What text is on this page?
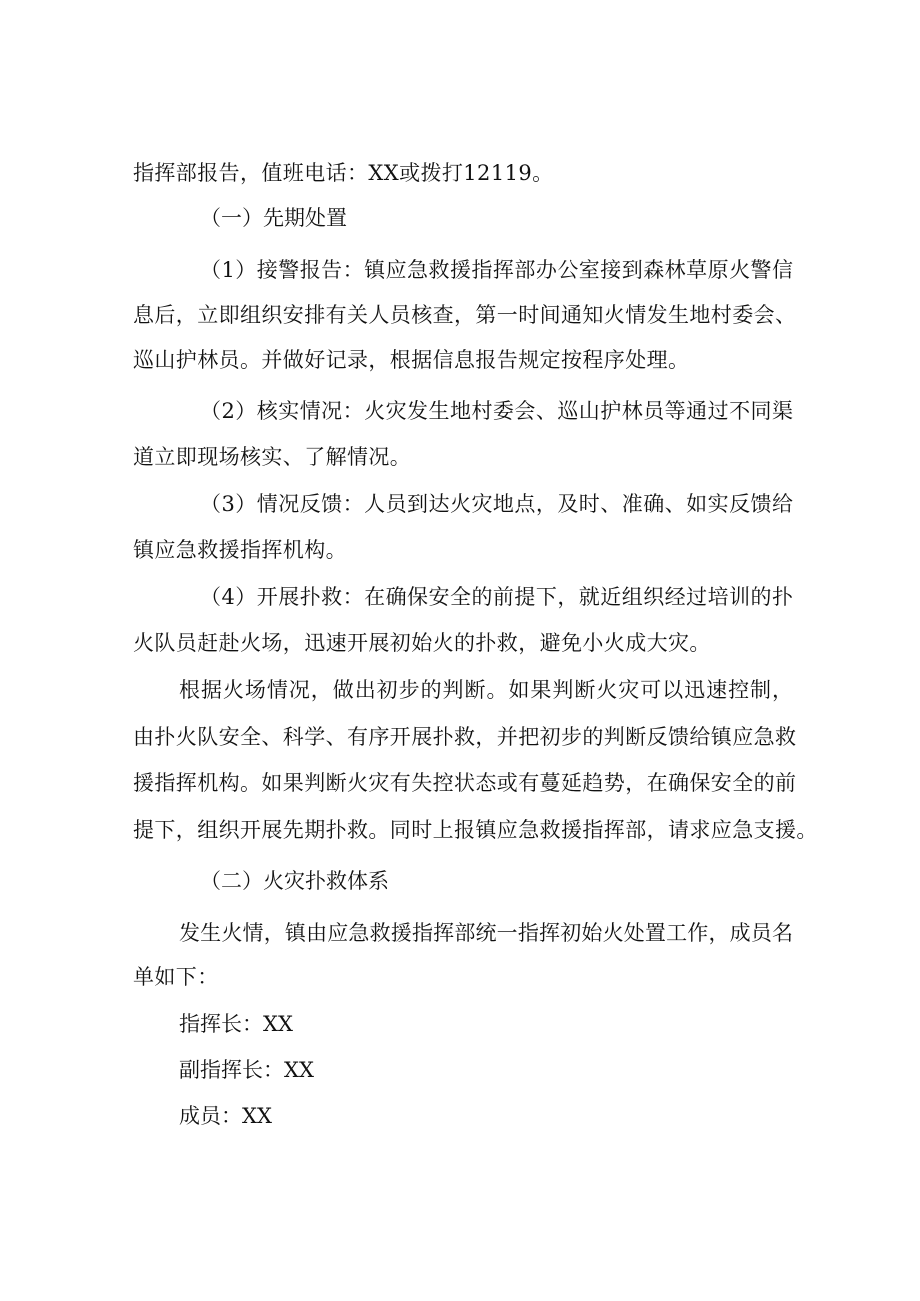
指挥部报告，值班电话：XX或拨打12119。
（一）先期处置
（1）接警报告：镇应急救援指挥部办公室接到森林草原火警信
息后，立即组织安排有关人员核查，第一时间通知火情发生地村委会、
巡山护林员。并做好记录，根据信息报告规定按程序处理。
（2）核实情况：火灾发生地村委会、巡山护林员等通过不同渠
道立即现场核实、了解情况。
（3）情况反馈：人员到达火灾地点，及时、准确、如实反馈给
镇应急救援指挥机构。
（4）开展扑救：在确保安全的前提下，就近组织经过培训的扑
火队员赶赴火场，迅速开展初始火的扑救，避免小火成大灾。
根据火场情况，做出初步的判断。如果判断火灾可以迅速控制，
由扑火队安全、科学、有序开展扑救，并把初步的判断反馈给镇应急救
援指挥机构。如果判断火灾有失控状态或有蔓延趋势，在确保安全的前
提下，组织开展先期扑救。同时上报镇应急救援指挥部，请求应急支援。
（二）火灾扑救体系
发生火情，镇由应急救援指挥部统一指挥初始火处置工作，成员名
单如下：
指挥长：XX
副指挥长：XX
成员：XX
